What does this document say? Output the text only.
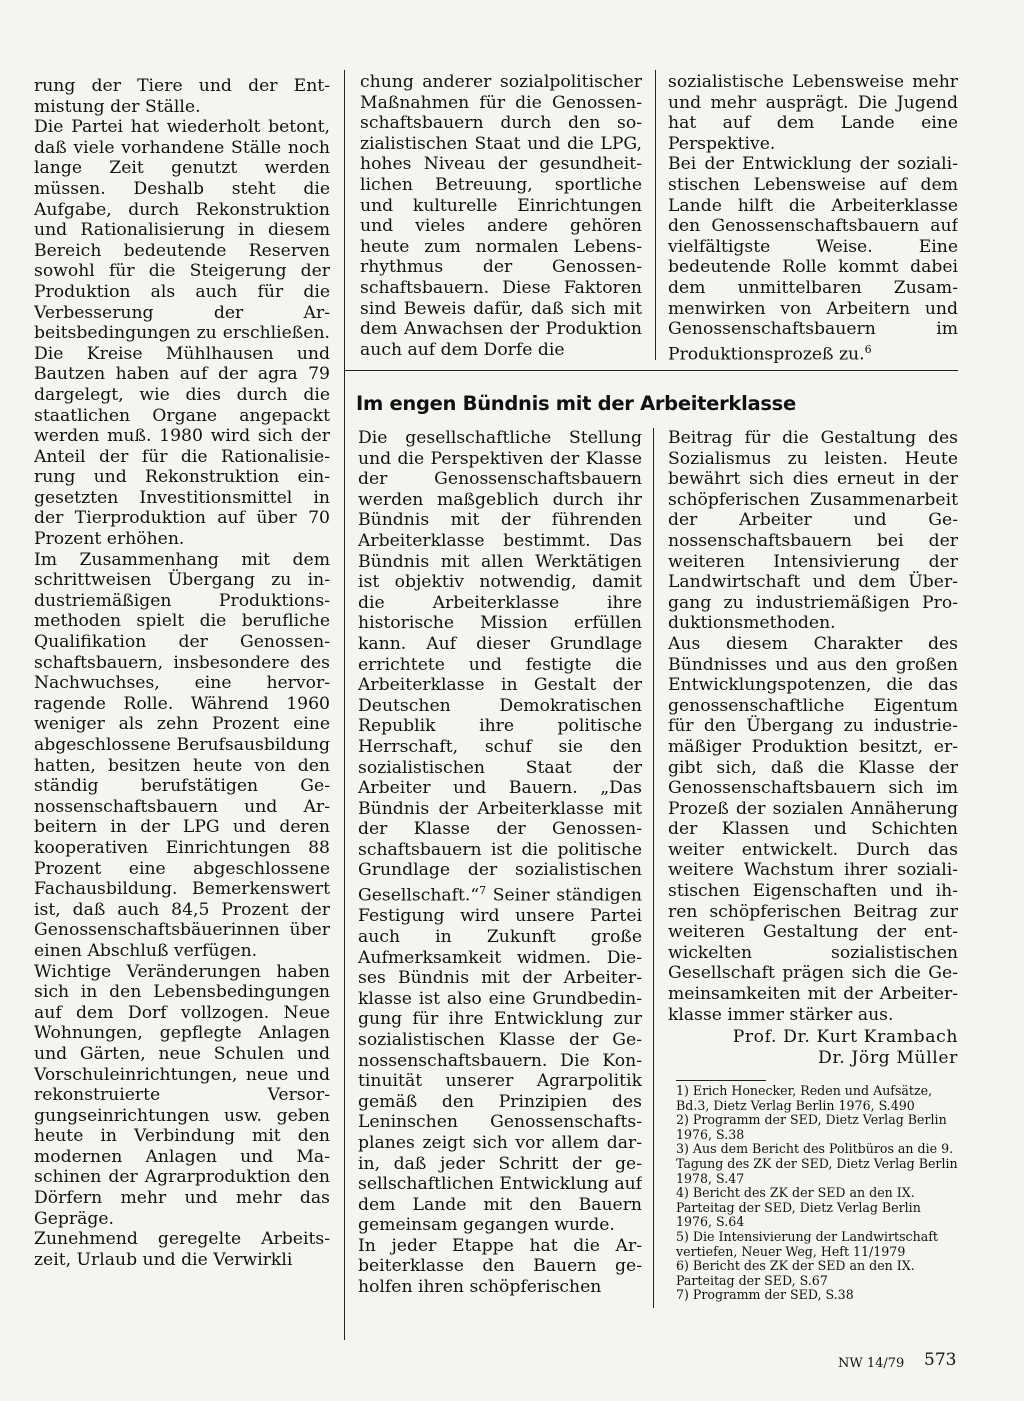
rung der Tiere und der Entmistung der Ställe.

Die Partei hat wiederholt betont, daß viele vorhandene Ställe noch lange Zeit genutzt werden müssen. Deshalb steht die Aufgabe, durch Rekonstruktion und Rationalisierung in diesem Bereich bedeutende Reserven sowohl für die Steigerung der Produktion als auch für die Verbesserung der Arbeitsbedingungen zu erschließen. Die Kreise Mühlhausen und Bautzen haben auf der agra 79 dargelegt, wie dies durch die staatlichen Organe angepackt werden muß. 1980 wird sich der Anteil der für die Rationalisierung und Rekonstruktion eingesetzten Investitionsmittel in der Tierproduktion auf über 70 Prozent erhöhen.

Im Zusammenhang mit dem schrittweisen Übergang zu industriemäßigen Produktionsmethoden spielt die berufliche Qualifikation der Genossenschaftsbauern, insbesondere des Nachwuchses, eine hervorragende Rolle. Während 1960 weniger als zehn Prozent eine abgeschlossene Berufsausbildung hatten, besitzen heute von den ständig berufstätigen Genossenschaftsbauern und Arbeitern in der LPG und deren kooperativen Einrichtungen 88 Prozent eine abgeschlossene Fachausbildung. Bemerkenswert ist, daß auch 84,5 Prozent der Genossenschaftsbäuerinnen über einen Abschluß verfügen.

Wichtige Veränderungen haben sich in den Lebensbedingungen auf dem Dorf vollzogen. Neue Wohnungen, gepflegte Anlagen und Gärten, neue Schulen und Vorschuleinrichtungen, neue und rekonstruierte Versorgungseinrichtungen usw. geben heute in Verbindung mit den modernen Anlagen und Maschinen der Agrarproduktion den Dörfern mehr und mehr das Gepräge.

Zunehmend geregelte Arbeitszeit, Urlaub und die Verwirkli

chung anderer sozialpolitischer Maßnahmen für die Genossenschaftsbauern durch den sozialistischen Staat und die LPG, hohes Niveau der gesundheitlichen Betreuung, sportliche und kulturelle Einrichtungen und vieles andere gehören heute zum normalen Lebensrhythmus der Genossenschaftsbauern. Diese Faktoren sind Beweis dafür, daß sich mit dem Anwachsen der Produktion auch auf dem Dorfe die

sozialistische Lebensweise mehr und mehr ausprägt. Die Jugend hat auf dem Lande eine Perspektive.

Bei der Entwicklung der sozialistischen Lebensweise auf dem Lande hilft die Arbeiterklasse den Genossenschaftsbauern auf vielfältigste Weise. Eine bedeutende Rolle kommt dabei dem unmittelbaren Zusammenwirken von Arbeitern und Genossenschaftsbauern im Produktionsprozeß zu.$^6$

Im engen Bündnis mit der Arbeiterklasse

Die gesellschaftliche Stellung und die Perspektiven der Klasse der Genossenschaftsbauern werden maßgeblich durch ihr Bündnis mit der führenden Arbeiterklasse bestimmt. Das Bündnis mit allen Werktätigen ist objektiv notwendig, damit die Arbeiterklasse ihre historische Mission erfüllen kann. Auf dieser Grundlage errichtete und festigte die Arbeiterklasse in Gestalt der Deutschen Demokratischen Republik ihre politische Herrschaft, schuf sie den sozialistischen Staat der Arbeiter und Bauern. „Das Bündnis der Arbeiterklasse mit der Klasse der Genossenschaftsbauern ist die politische Grundlage der sozialistischen Gesellschaft.“$^7$ Seiner ständigen Festigung wird unsere Partei auch in Zukunft große Aufmerksamkeit widmen. Dieses Bündnis mit der Arbeiterklasse ist also eine Grundbedingung für ihre Entwicklung zur sozialistischen Klasse der Genossenschaftsbauern. Die Kontinuität unserer Agrarpolitik gemäß den Prinzipien des Leninschen Genossenschaftsplanes zeigt sich vor allem darin, daß jeder Schritt der gesellschaftlichen Entwicklung auf dem Lande mit den Bauern gemeinsam gegangen wurde.

In jeder Etappe hat die Arbeiterklasse den Bauern geholfen ihren schöpferischen

Beitrag für die Gestaltung des Sozialismus zu leisten. Heute bewährt sich dies erneut in der schöpferischen Zusammenarbeit der Arbeiter und Genossenschaftsbauern bei der weiteren Intensivierung der Landwirtschaft und dem Übergang zu industriemäßigen Produktionsmethoden.

Aus diesem Charakter des Bündnisses und aus den großen Entwicklungspotenzen, die das genossenschaftliche Eigentum für den Übergang zu industriemäßiger Produktion besitzt, ergibt sich, daß die Klasse der Genossenschaftsbauern sich im Prozeß der sozialen Annäherung der Klassen und Schichten weiter entwickelt. Durch das weitere Wachstum ihrer sozialistischen Eigenschaften und ihren schöpferischen Beitrag zur weiteren Gestaltung der entwickelten sozialistischen Gesellschaft prägen sich die Gemeinsamkeiten mit der Arbeiterklasse immer stärker aus.

Prof. Dr. Kurt Krambach
Dr. Jörg Müller

1) Erich Honecker, Reden und Aufsätze, Bd.3, Dietz Verlag Berlin 1976, S.490

2) Programm der SED, Dietz Verlag Berlin 1976, S.38

3) Aus dem Bericht des Politbüros an die 9. Tagung des ZK der SED, Dietz Verlag Berlin 1978, S.47

4) Bericht des ZK der SED an den IX. Parteitag der SED, Dietz Verlag Berlin 1976, S.64

5) Die Intensivierung der Landwirtschaft vertiefen, Neuer Weg, Heft 11/1979

6) Bericht des ZK der SED an den IX. Parteitag der SED, S.67

7) Programm der SED, S.38

NW 14/79 573
